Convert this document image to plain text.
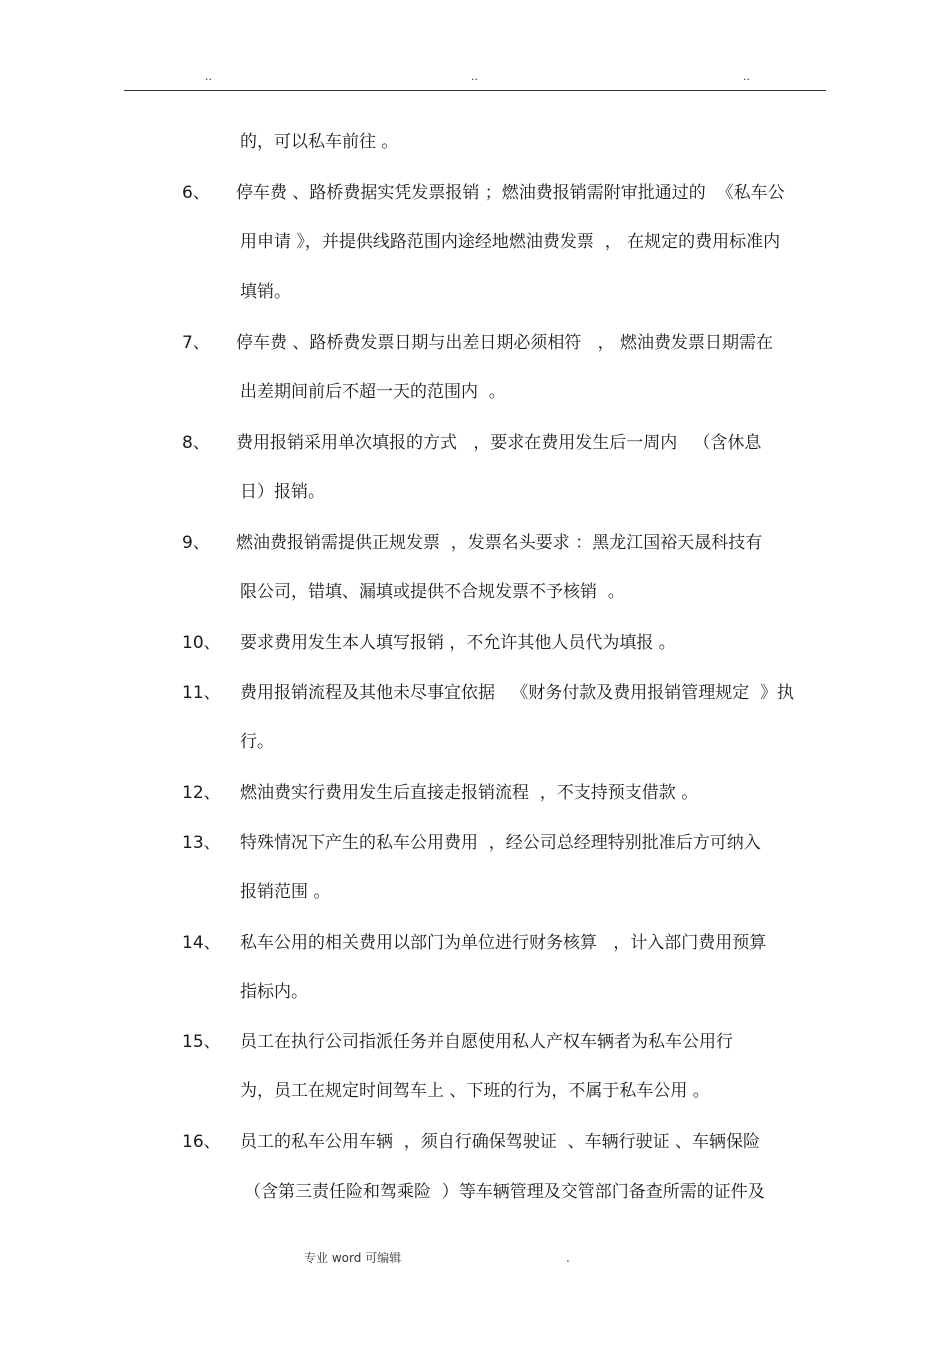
..	..	..
的，可以私车前往 。
6、 停车费 、路桥费据实凭发票报销 ；燃油费报销需附审批通过的  《私车公
用申请 》，并提供线路范围内途经地燃油费发票  ， 在规定的费用标准内
填销。
7、 停车费 、路桥费发票日期与出差日期必须相符   ， 燃油费发票日期需在
出差期间前后不超一天的范围内  。
8、 费用报销采用单次填报的方式   ，要求在费用发生后一周内   （含休息
日）报销。
9、 燃油费报销需提供正规发票  ，发票名头要求 ：黑龙江国裕天晟科技有
限公司，错填、漏填或提供不合规发票不予核销  。
10、 要求费用发生本人填写报销 ，不允许其他人员代为填报 。
11、 费用报销流程及其他未尽事宜依据   《财务付款及费用报销管理规定  》执
行。
12、 燃油费实行费用发生后直接走报销流程  ，不支持预支借款 。
13、 特殊情况下产生的私车公用费用  ，经公司总经理特别批准后方可纳入
报销范围 。
14、 私车公用的相关费用以部门为单位进行财务核算   ，计入部门费用预算
指标内。
15、 员工在执行公司指派任务并自愿使用私人产权车辆者为私车公用行
为，员工在规定时间驾车上 、下班的行为，不属于私车公用 。
16、 员工的私车公用车辆  ，须自行确保驾驶证  、车辆行驶证 、车辆保险
（含第三责任险和驾乘险  ）等车辆管理及交管部门备查所需的证件及
专业 word 可编辑	.
